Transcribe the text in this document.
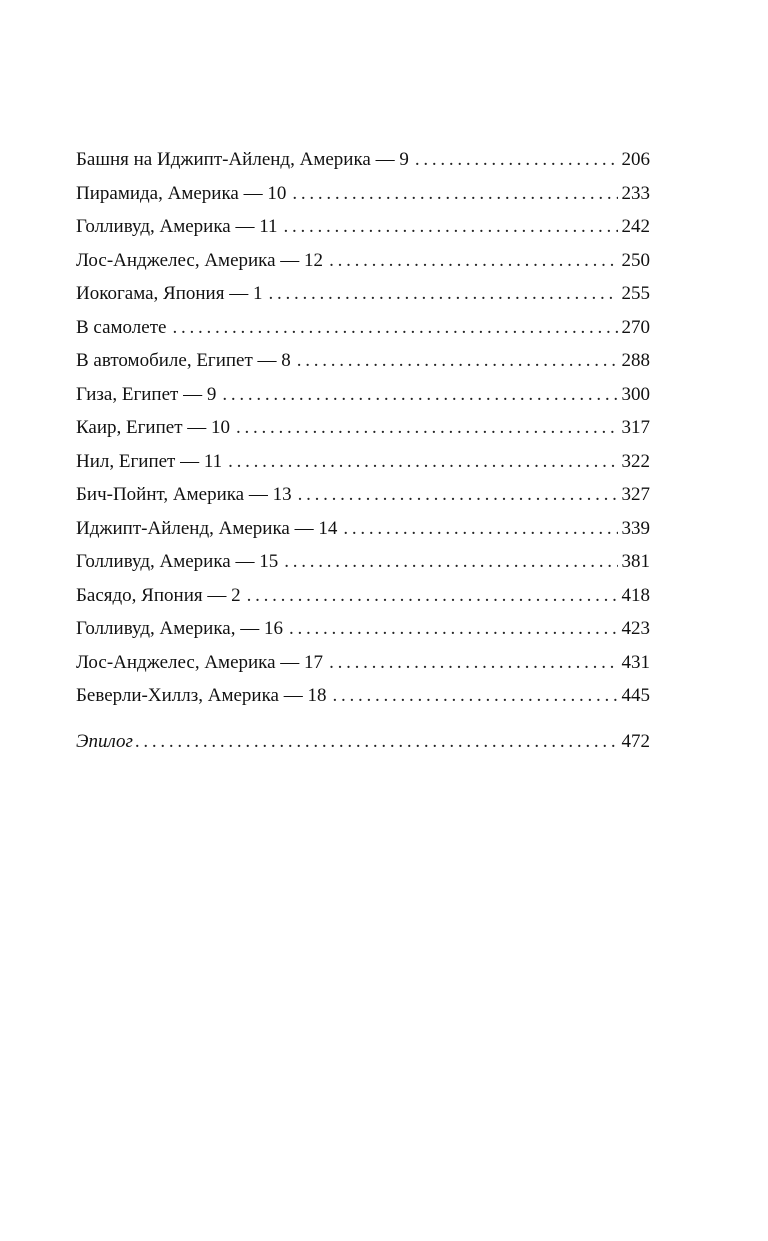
Башня на Иджипт-Айленд, Америка — 9 . . .	206
Пирамида, Америка — 10 . . .	233
Голливуд, Америка — 11 . . .	242
Лос-Анджелес, Америка — 12 . . .	250
Иокогама, Япония — 1 . . .	255
В самолете . . .	270
В автомобиле, Египет — 8 . . .	288
Гиза, Египет — 9 . . .	300
Каир, Египет — 10 . . .	317
Нил, Египет — 11 . . .	322
Бич-Пойнт, Америка — 13 . . .	327
Иджипт-Айленд, Америка — 14 . . .	339
Голливуд, Америка — 15 . . .	381
Басядо, Япония — 2 . . .	418
Голливуд, Америка, — 16 . . .	423
Лос-Анджелес, Америка — 17 . . .	431
Беверли-Хиллз, Америка — 18 . . .	445
Эпилог . . .	472
